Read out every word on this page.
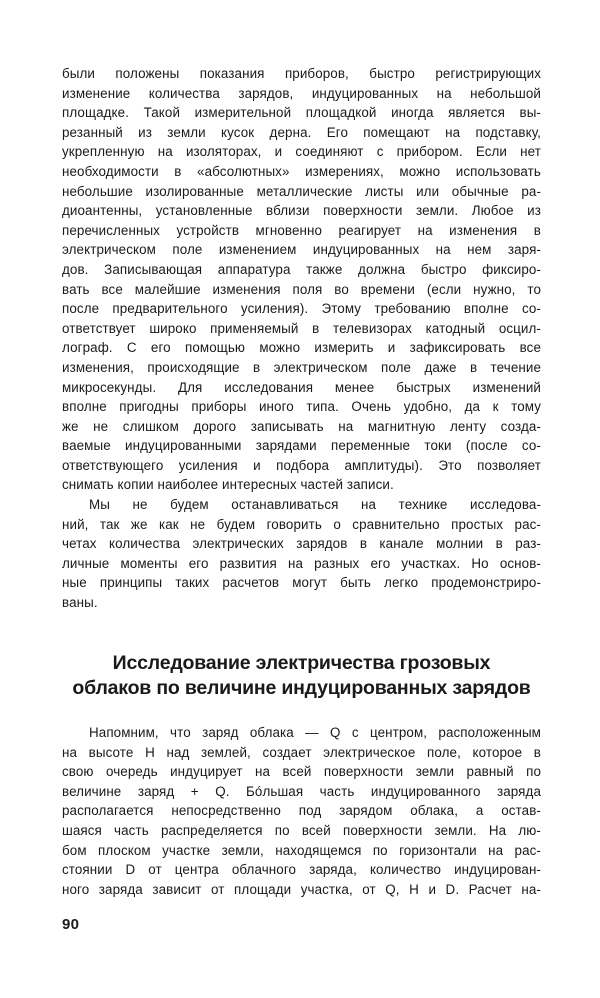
были положены показания приборов, быстро регистрирующих
изменение количества зарядов, индуцированных на небольшой
площадке. Такой измерительной площадкой иногда является вы-
резанный из земли кусок дерна. Его помещают на подставку,
укрепленную на изоляторах, и соединяют с прибором. Если нет
необходимости в «абсолютных» измерениях, можно использовать
небольшие изолированные металлические листы или обычные ра-
диоантенны, установленные вблизи поверхности земли. Любое из
перечисленных устройств мгновенно реагирует на изменения в
электрическом поле изменением индуцированных на нем заря-
дов. Записывающая аппаратура также должна быстро фиксиро-
вать все малейшие изменения поля во времени (если нужно, то
после предварительного усиления). Этому требованию вполне со-
ответствует широко применяемый в телевизорах катодный осцил-
лограф. С его помощью можно измерить и зафиксировать все
изменения, происходящие в электрическом поле даже в течение
микросекунды. Для исследования менее быстрых изменений
вполне пригодны приборы иного типа. Очень удобно, да к тому
же не слишком дорого записывать на магнитную ленту созда-
ваемые индуцированными зарядами переменные токи (после со-
ответствующего усиления и подбора амплитуды). Это позволяет
снимать копии наиболее интересных частей записи.
Мы не будем останавливаться на технике исследова-
ний, так же как не будем говорить о сравнительно простых рас-
четах количества электрических зарядов в канале молнии в раз-
личные моменты его развития на разных его участках. Но основ-
ные принципы таких расчетов могут быть легко продемонстриро-
ваны.
Исследование электричества грозовых
облаков по величине индуцированных зарядов
Напомним, что заряд облака — Q с центром, расположенным
на высоте H над землей, создает электрическое поле, которое в
свою очередь индуцирует на всей поверхности земли равный по
величине заряд + Q. Бóльшая часть индуцированного заряда
располагается непосредственно под зарядом облака, а остав-
шаяся часть распределяется по всей поверхности земли. На лю-
бом плоском участке земли, находящемся по горизонтали на рас-
стоянии D от центра облачного заряда, количество индуцирован-
ного заряда зависит от площади участка, от Q, H и D. Расчет на-
90
